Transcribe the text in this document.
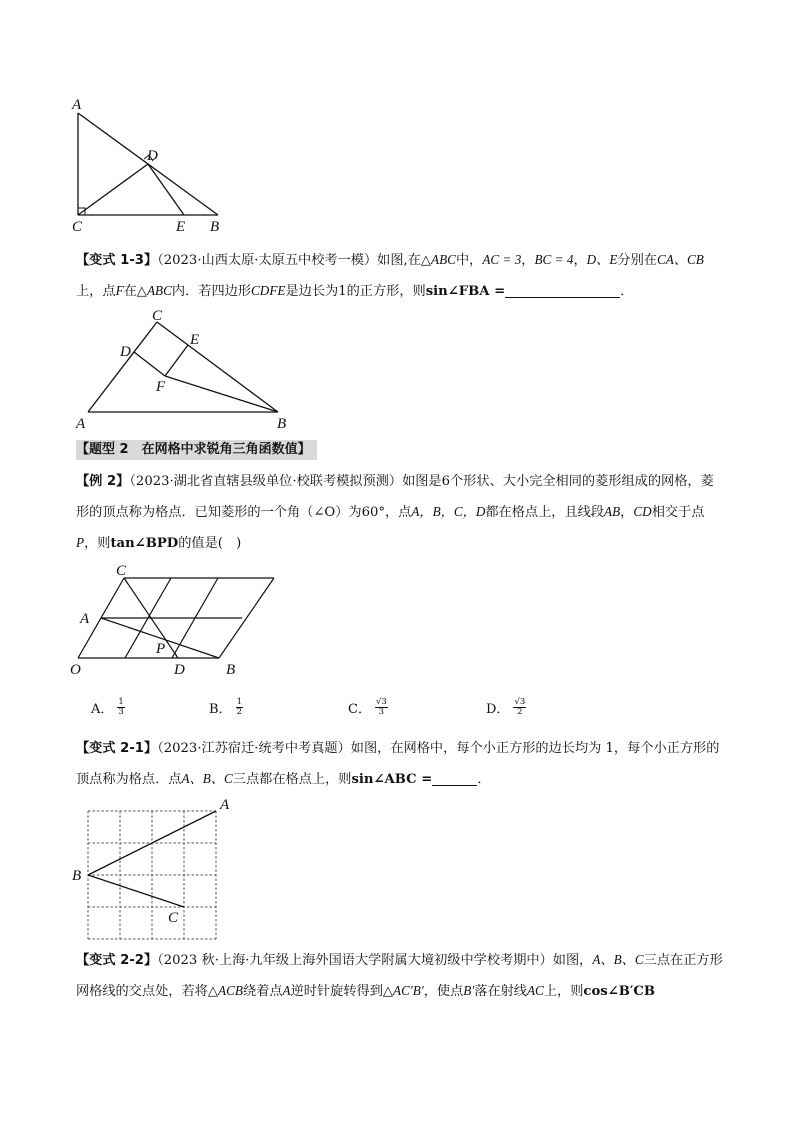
A
D
C	E B

【变式 1-3】（2023·山西太原·太原五中校考一模）如图,在△ABC中，AC = 3，BC = 4，D、E分别在CA、CB上，点F在△ABC内．若四边形CDFE是边长为1的正方形，则sin∠FBA =	．

C
E
D
F
A	B
【题型 2　在网格中求锐角三角函数值】

【例 2】（2023·湖北省直辖县级单位·校联考模拟预测）如图是6个形状、大小完全相同的菱形组成的网格，菱形的顶点称为格点．已知菱形的一个角（∠O）为60°，点A，B，C，D都在格点上，且线段AB，CD相交于点P，则tan∠BPD的值是(　)

C
A
P
O	D	B
A． $\frac{1}{3}$	B． $\frac{1}{2}$	C． $\frac{√3}{3}$	D． $\frac{√3}{2}$

【变式 2-1】（2023·江苏宿迁·统考中考真题）如图，在网格中，每个小正方形的边长均为 1，每个小正方形的顶点称为格点．点A、B、C三点都在格点上，则sin∠ABC =	．

A
B
C

【变式 2-2】（2023 秋·上海·九年级上海外国语大学附属大境初级中学校考期中）如图，A、B、C三点在正方形网格线的交点处，若将△ACB绕着点A逆时针旋转得到△AC′B′，使点B′落在射线AC上，则cos∠B′CB
